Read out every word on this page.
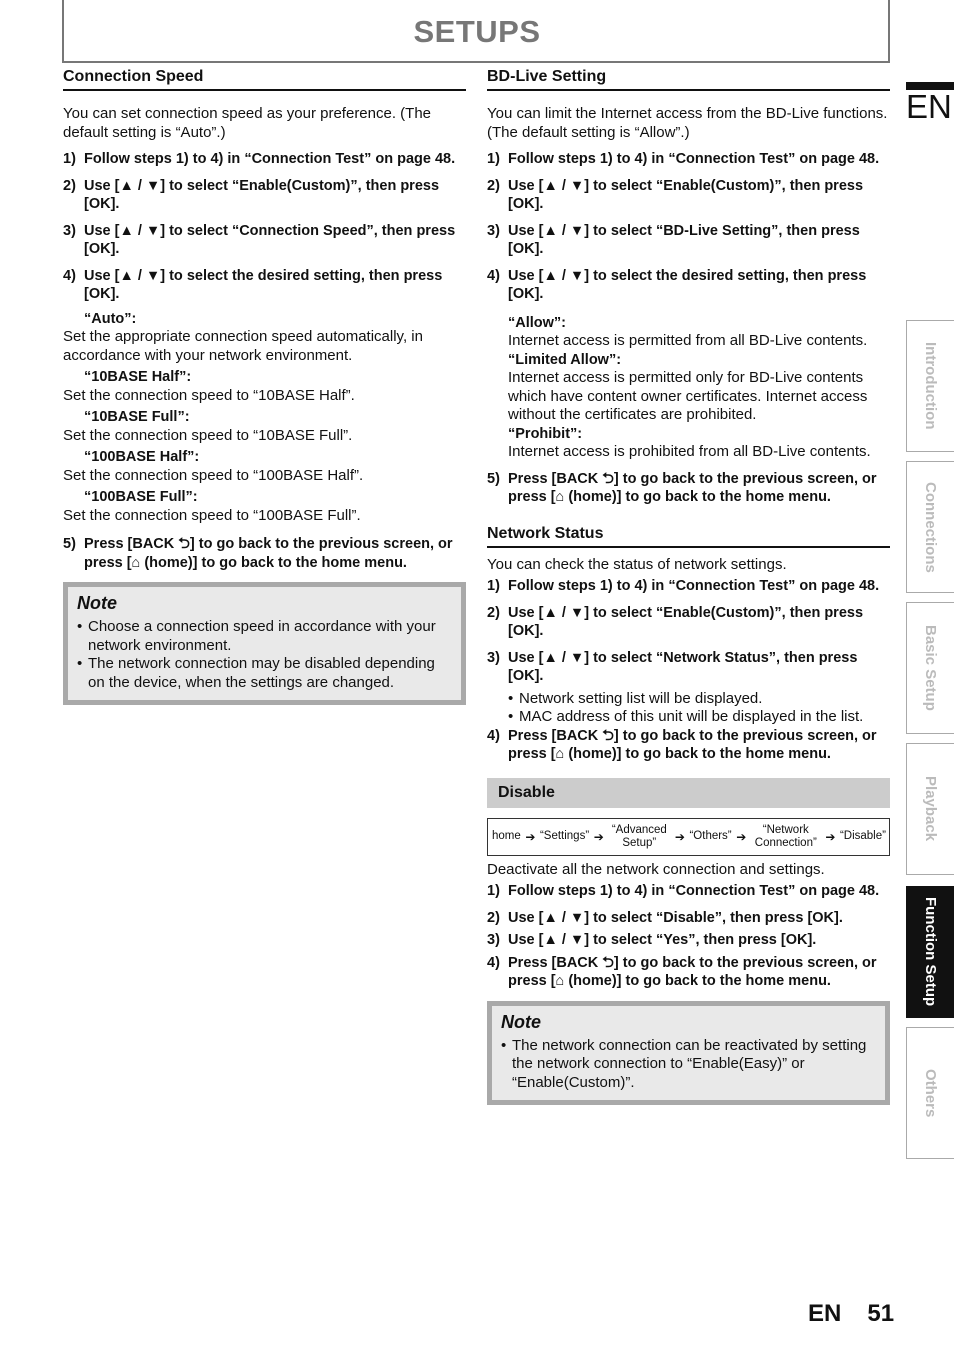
SETUPS
EN
Introduction
Connections
Basic Setup
Playback
Function Setup
Others
Connection Speed
You can set connection speed as your preference. (The default setting is “Auto”.)
1) Follow steps 1) to 4) in “Connection Test” on page 48.
2) Use [▲ / ▼] to select “Enable(Custom)”, then press [OK].
3) Use [▲ / ▼] to select “Connection Speed”, then press [OK].
4) Use [▲ / ▼] to select the desired setting, then press [OK].
“Auto”:
Set the appropriate connection speed automatically, in accordance with your network environment.
“10BASE Half”:
Set the connection speed to “10BASE Half”.
“10BASE Full”:
Set the connection speed to “10BASE Full”.
“100BASE Half”:
Set the connection speed to “100BASE Half”.
“100BASE Full”:
Set the connection speed to “100BASE Full”.
5) Press [BACK ⮌] to go back to the previous screen, or press [⌂ (home)] to go back to the home menu.
Note
• Choose a connection speed in accordance with your network environment.
• The network connection may be disabled depending on the device, when the settings are changed.
BD-Live Setting
You can limit the Internet access from the BD-Live functions. (The default setting is “Allow”.)
1) Follow steps 1) to 4) in “Connection Test” on page 48.
2) Use [▲ / ▼] to select “Enable(Custom)”, then press [OK].
3) Use [▲ / ▼] to select “BD-Live Setting”, then press [OK].
4) Use [▲ / ▼] to select the desired setting, then press [OK].
“Allow”:
Internet access is permitted from all BD-Live contents.
“Limited Allow”:
Internet access is permitted only for BD-Live contents which have content owner certificates. Internet access without the certificates are prohibited.
“Prohibit”:
Internet access is prohibited from all BD-Live contents.
5) Press [BACK ⮌] to go back to the previous screen, or press [⌂ (home)] to go back to the home menu.
Network Status
You can check the status of network settings.
1) Follow steps 1) to 4) in “Connection Test” on page 48.
2) Use [▲ / ▼] to select “Enable(Custom)”, then press [OK].
3) Use [▲ / ▼] to select “Network Status”, then press [OK].
• Network setting list will be displayed.
• MAC address of this unit will be displayed in the list.
4) Press [BACK ⮌] to go back to the previous screen, or press [⌂ (home)] to go back to the home menu.
Disable
home ➔ “Settings” ➔ “Advanced Setup”	➔ “Others” ➔	“Network Connection” ➔ “Disable”
Deactivate all the network connection and settings.
1) Follow steps 1) to 4) in “Connection Test” on page 48.
2) Use [▲ / ▼] to select “Disable”, then press [OK].
3) Use [▲ / ▼] to select “Yes”, then press [OK].
4) Press [BACK ⮌] to go back to the previous screen, or press [⌂ (home)] to go back to the home menu.
Note
• The network connection can be reactivated by setting the network connection to “Enable(Easy)” or “Enable(Custom)”.
EN 51
